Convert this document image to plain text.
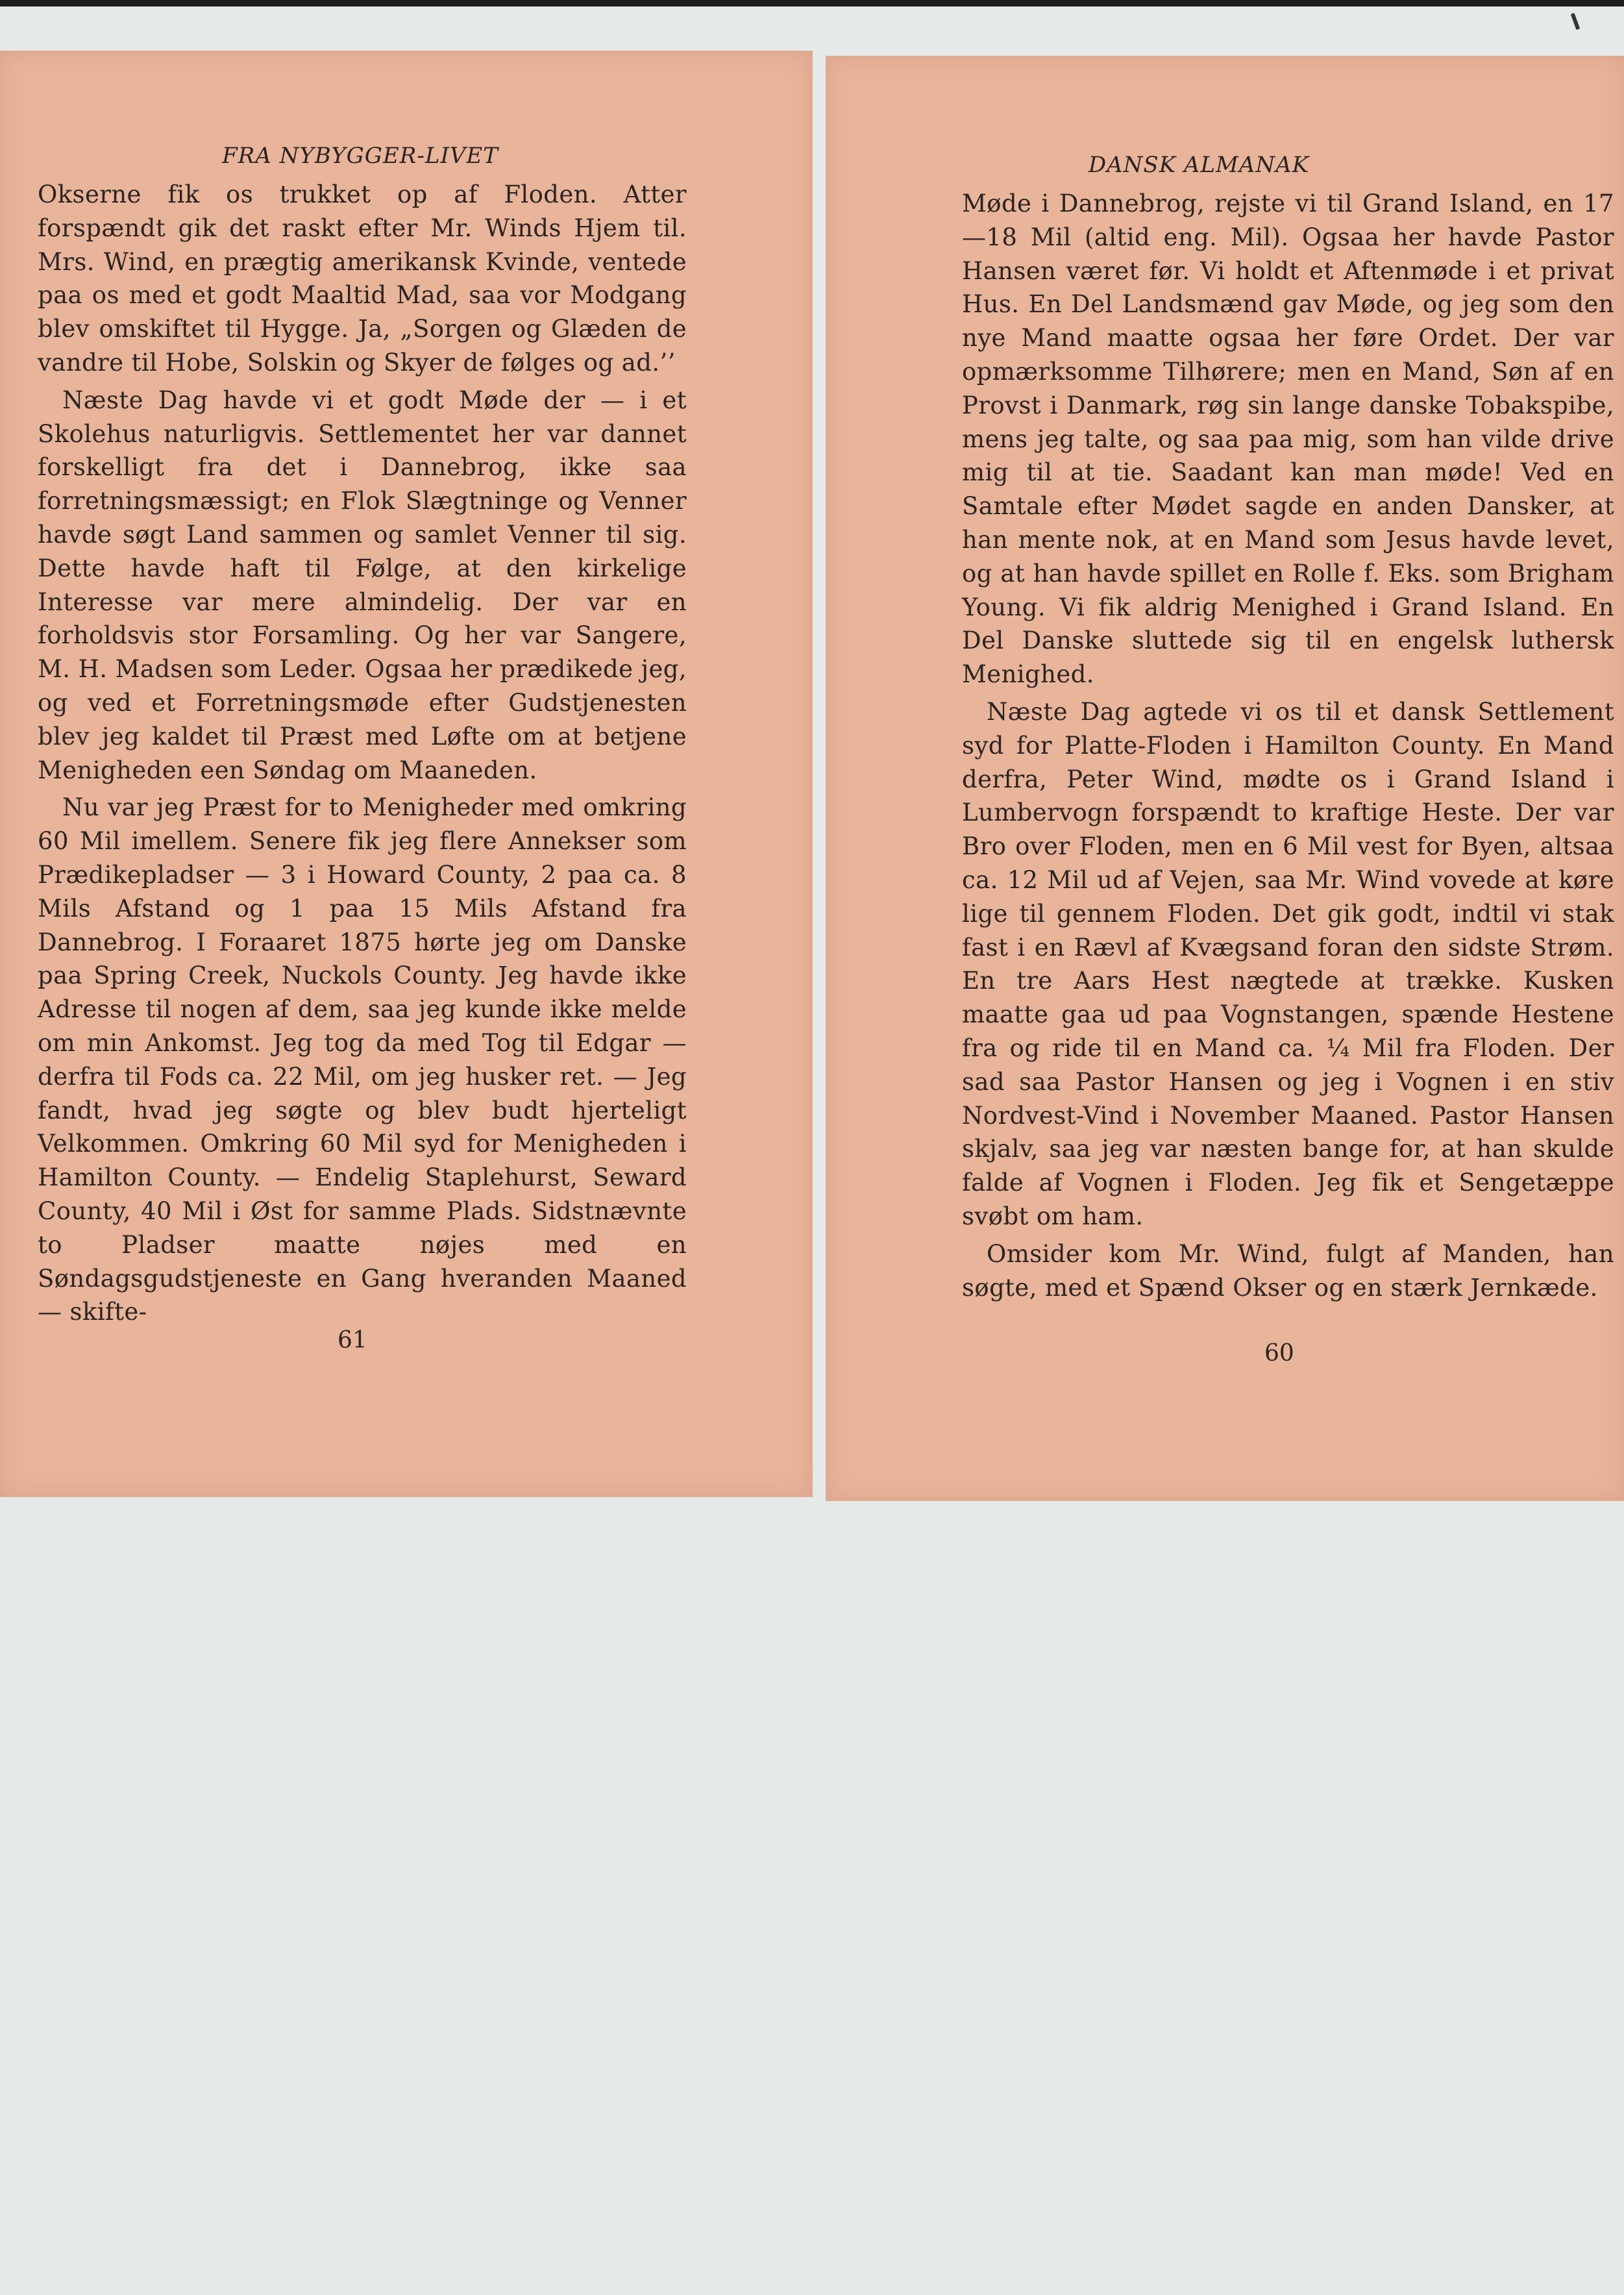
FRA NYBYGGER-LIVET

Okserne fik os trukket op af Floden. Atter forspændt gik det raskt efter Mr. Winds Hjem til. Mrs. Wind, en prægtig amerikansk Kvinde, ventede paa os med et godt Maaltid Mad, saa vor Modgang blev omskiftet til Hygge. Ja, „Sorgen og Glæden de vandre til Hobe, Solskin og Skyer de følges og ad.’’

Næste Dag havde vi et godt Møde der — i et Skolehus naturligvis. Settlementet her var dannet forskelligt fra det i Dannebrog, ikke saa forretningsmæssigt; en Flok Slægtninge og Venner havde søgt Land sammen og samlet Venner til sig. Dette havde haft til Følge, at den kirkelige Interesse var mere almindelig. Der var en forholdsvis stor Forsamling. Og her var Sangere, M. H. Madsen som Leder. Ogsaa her prædikede jeg, og ved et Forretningsmøde efter Gudstjenesten blev jeg kaldet til Præst med Løfte om at betjene Menigheden een Søndag om Maaneden.

Nu var jeg Præst for to Menigheder med omkring 60 Mil imellem. Senere fik jeg flere Annekser som Prædikepladser — 3 i Howard County, 2 paa ca. 8 Mils Afstand og 1 paa 15 Mils Afstand fra Dannebrog. I Foraaret 1875 hørte jeg om Danske paa Spring Creek, Nuckols County. Jeg havde ikke Adresse til nogen af dem, saa jeg kunde ikke melde om min Ankomst. Jeg tog da med Tog til Edgar — derfra til Fods ca. 22 Mil, om jeg husker ret. — Jeg fandt, hvad jeg søgte og blev budt hjerteligt Velkommen. Omkring 60 Mil syd for Menigheden i Hamilton County. — Endelig Staplehurst, Seward County, 40 Mil i Øst for samme Plads. Sidstnævnte to Pladser maatte nøjes med en Søndagsgudstjeneste en Gang hveranden Maaned — skifte-

61
DANSK ALMANAK

Møde i Dannebrog, rejste vi til Grand Island, en 17—18 Mil (altid eng. Mil). Ogsaa her havde Pastor Hansen været før. Vi holdt et Aftenmøde i et privat Hus. En Del Landsmænd gav Møde, og jeg som den nye Mand maatte ogsaa her føre Ordet. Der var opmærksomme Tilhørere; men en Mand, Søn af en Provst i Danmark, røg sin lange danske Tobakspibe, mens jeg talte, og saa paa mig, som han vilde drive mig til at tie. Saadant kan man møde! Ved en Samtale efter Mødet sagde en anden Dansker, at han mente nok, at en Mand som Jesus havde levet, og at han havde spillet en Rolle f. Eks. som Brigham Young. Vi fik aldrig Menighed i Grand Island. En Del Danske sluttede sig til en engelsk luthersk Menighed.

Næste Dag agtede vi os til et dansk Settlement syd for Platte-Floden i Hamilton County. En Mand derfra, Peter Wind, mødte os i Grand Island i Lumbervogn forspændt to kraftige Heste. Der var Bro over Floden, men en 6 Mil vest for Byen, altsaa ca. 12 Mil ud af Vejen, saa Mr. Wind vovede at køre lige til gennem Floden. Det gik godt, indtil vi stak fast i en Rævl af Kvægsand foran den sidste Strøm. En tre Aars Hest nægtede at trække. Kusken maatte gaa ud paa Vognstangen, spænde Hestene fra og ride til en Mand ca. ¼ Mil fra Floden. Der sad saa Pastor Hansen og jeg i Vognen i en stiv Nordvest-Vind i November Maaned. Pastor Hansen skjalv, saa jeg var næsten bange for, at han skulde falde af Vognen i Floden. Jeg fik et Sengetæppe svøbt om ham.

Omsider kom Mr. Wind, fulgt af Manden, han søgte, med et Spænd Okser og en stærk Jernkæde.

60
